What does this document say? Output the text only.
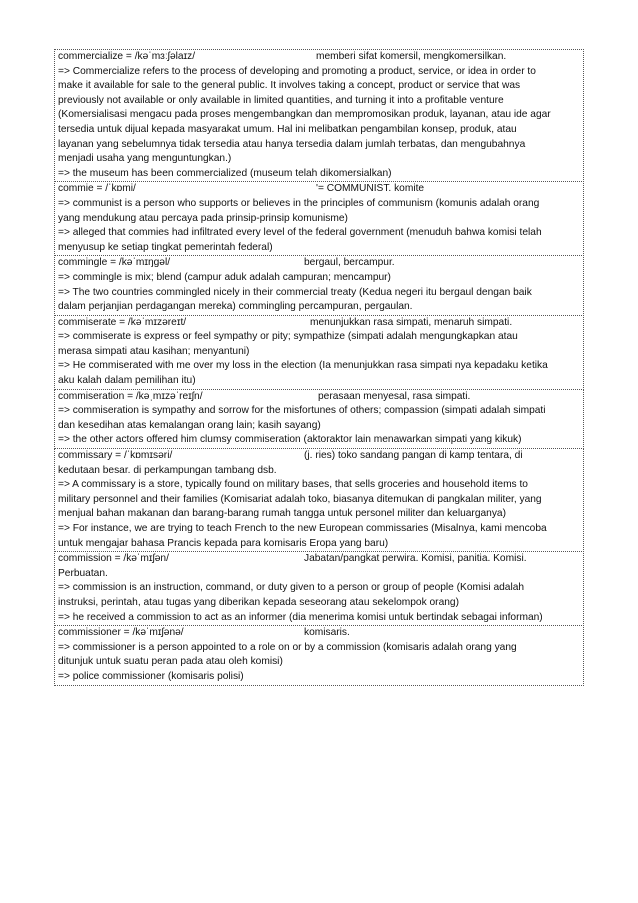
commercialize = /kəˈmɜːʃəlaɪz/	memberi sifat komersil, mengkomersilkan.
=> Commercialize refers to the process of developing and promoting a product, service, or idea in order to
make it available for sale to the general public. It involves taking a concept, product or service that was
previously not available or only available in limited quantities, and turning it into a profitable venture
(Komersialisasi mengacu pada proses mengembangkan dan mempromosikan produk, layanan, atau ide agar
tersedia untuk dijual kepada masyarakat umum. Hal ini melibatkan pengambilan konsep, produk, atau
layanan yang sebelumnya tidak tersedia atau hanya tersedia dalam jumlah terbatas, dan mengubahnya
menjadi usaha yang menguntungkan.)
=> the museum has been commercialized (museum telah dikomersialkan)
commie = /ˈkɒmi/	'= COMMUNIST. komite
=> communist is a person who supports or believes in the principles of communism (komunis adalah orang
yang mendukung atau percaya pada prinsip-prinsip komunisme)
=> alleged that commies had infiltrated every level of the federal government (menuduh bahwa komisi telah
menyusup ke setiap tingkat pemerintah federal)
commingle = /kəˈmɪŋɡəl/	bergaul, bercampur.
=> commingle is mix; blend (campur aduk adalah campuran; mencampur)
=> The two countries commingled nicely in their commercial treaty (Kedua negeri itu bergaul dengan baik
dalam perjanjian perdagangan mereka) commingling percampuran, pergaulan.
commiserate = /kəˈmɪzəreɪt/	menunjukkan rasa simpati, menaruh simpati.
=> commiserate is express or feel sympathy or pity; sympathize (simpati adalah mengungkapkan atau
merasa simpati atau kasihan; menyantuni)
=> He commiserated with me over my loss in the election (Ia menunjukkan rasa simpati nya kepadaku ketika
aku kalah dalam pemilihan itu)
commiseration = /kəˌmɪzəˈreɪʃn/	perasaan menyesal, rasa simpati.
=> commiseration is sympathy and sorrow for the misfortunes of others; compassion (simpati adalah simpati
dan kesedihan atas kemalangan orang lain; kasih sayang)
=> the other actors offered him clumsy commiseration (aktoraktor lain menawarkan simpati yang kikuk)
commissary = /ˈkɒmɪsəri/	(j. ries) toko sandang pangan di kamp tentara, di
kedutaan besar. di perkampungan tambang dsb.
=> A commissary is a store, typically found on military bases, that sells groceries and household items to
military personnel and their families (Komisariat adalah toko, biasanya ditemukan di pangkalan militer, yang
menjual bahan makanan dan barang-barang rumah tangga untuk personel militer dan keluarganya)
=> For instance, we are trying to teach French to the new European commissaries (Misalnya, kami mencoba
untuk mengajar bahasa Prancis kepada para komisaris Eropa yang baru)
commission = /kəˈmɪʃən/	Jabatan/pangkat perwira. Komisi, panitia. Komisi.
Perbuatan.
=> commission is an instruction, command, or duty given to a person or group of people (Komisi adalah
instruksi, perintah, atau tugas yang diberikan kepada seseorang atau sekelompok orang)
=> he received a commission to act as an informer (dia menerima komisi untuk bertindak sebagai informan)
commissioner = /kəˈmɪʃənə/	komisaris.
=> commissioner is a person appointed to a role on or by a commission (komisaris adalah orang yang
ditunjuk untuk suatu peran pada atau oleh komisi)
=> police commissioner (komisaris polisi)
